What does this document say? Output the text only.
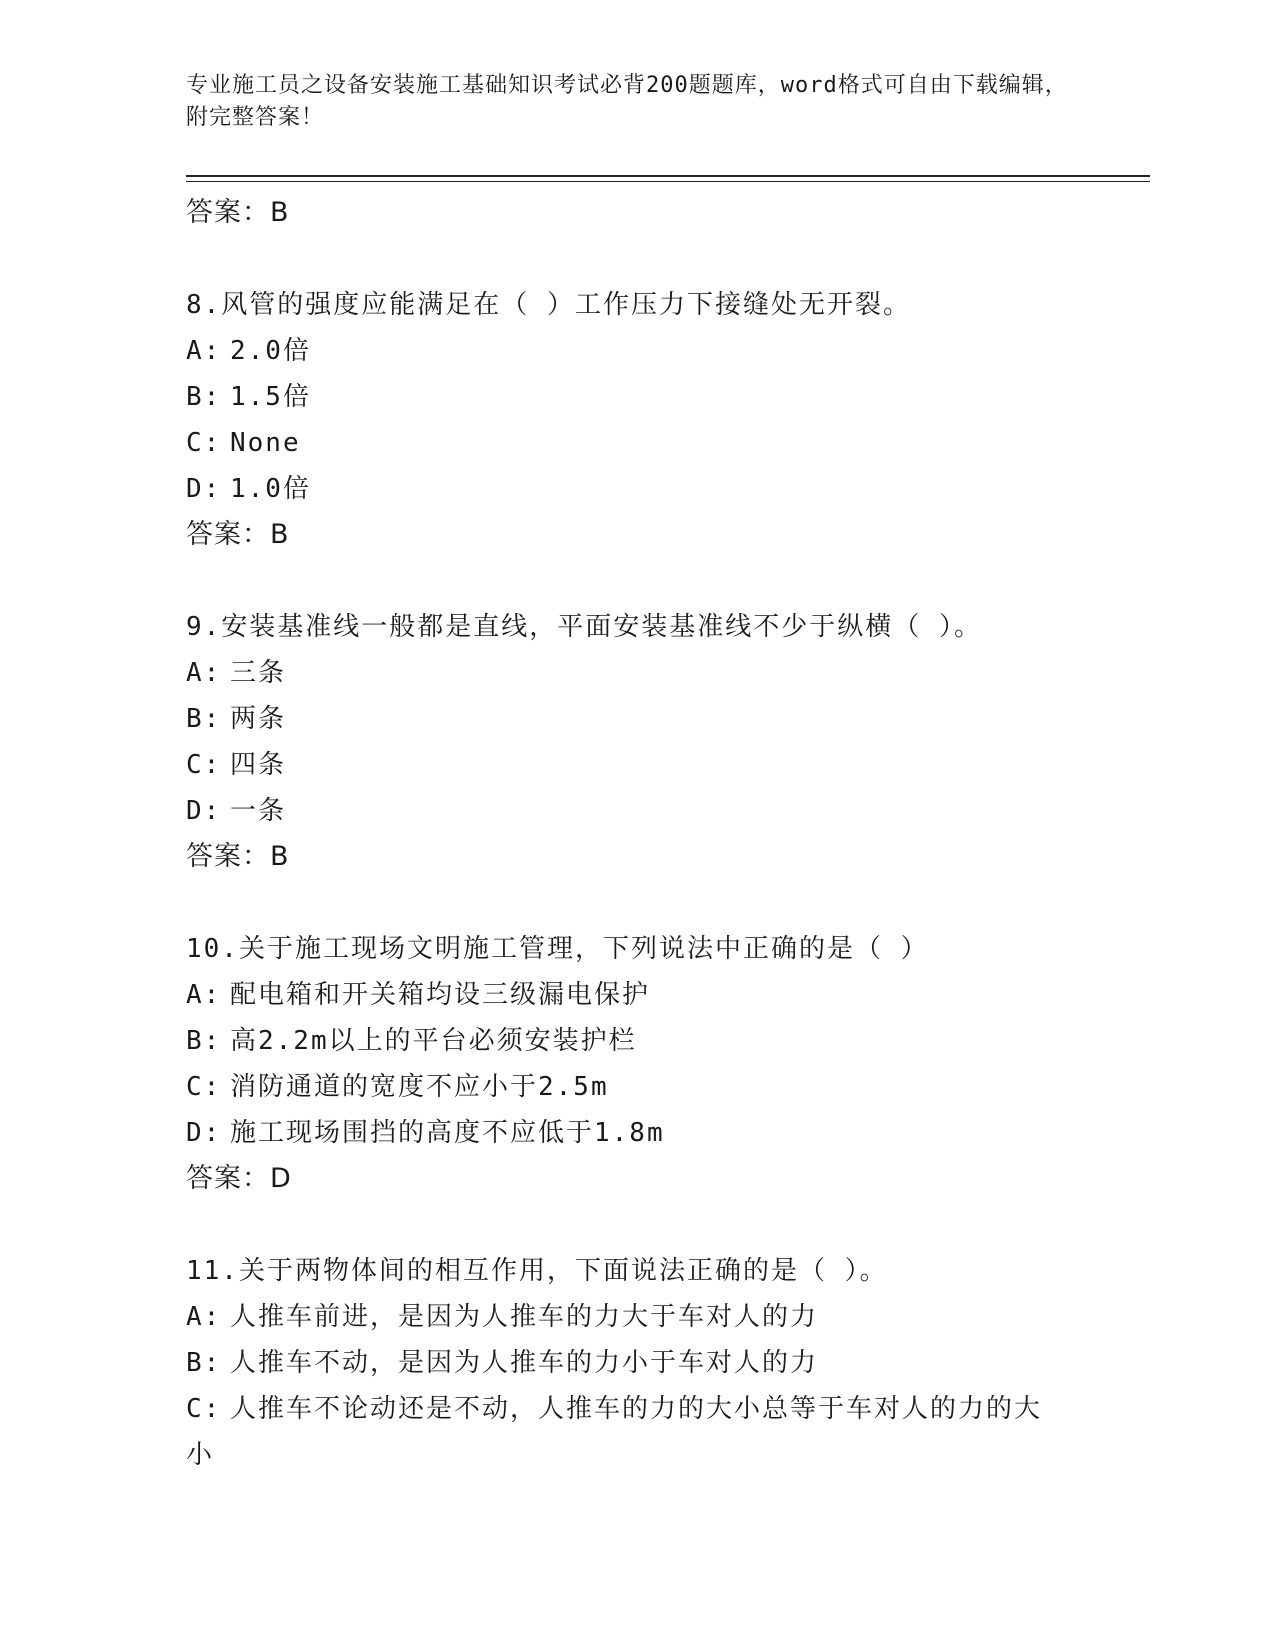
专业施工员之设备安装施工基础知识考试必背200题题库，word格式可自由下载编辑，附完整答案！
答案：B
8.风管的强度应能满足在（ ）工作压力下接缝处无开裂。
A: 2.0倍
B: 1.5倍
C: None
D: 1.0倍
答案：B
9.安装基准线一般都是直线，平面安装基准线不少于纵横（ ）。
A: 三条
B: 两条
C: 四条
D: 一条
答案：B
10.关于施工现场文明施工管理，下列说法中正确的是（ ）
A: 配电箱和开关箱均设三级漏电保护
B: 高2.2m以上的平台必须安装护栏
C: 消防通道的宽度不应小于2.5m
D: 施工现场围挡的高度不应低于1.8m
答案：D
11.关于两物体间的相互作用，下面说法正确的是（ ）。
A: 人推车前进，是因为人推车的力大于车对人的力
B: 人推车不动，是因为人推车的力小于车对人的力
C: 人推车不论动还是不动，人推车的力的大小总等于车对人的力的大
小
